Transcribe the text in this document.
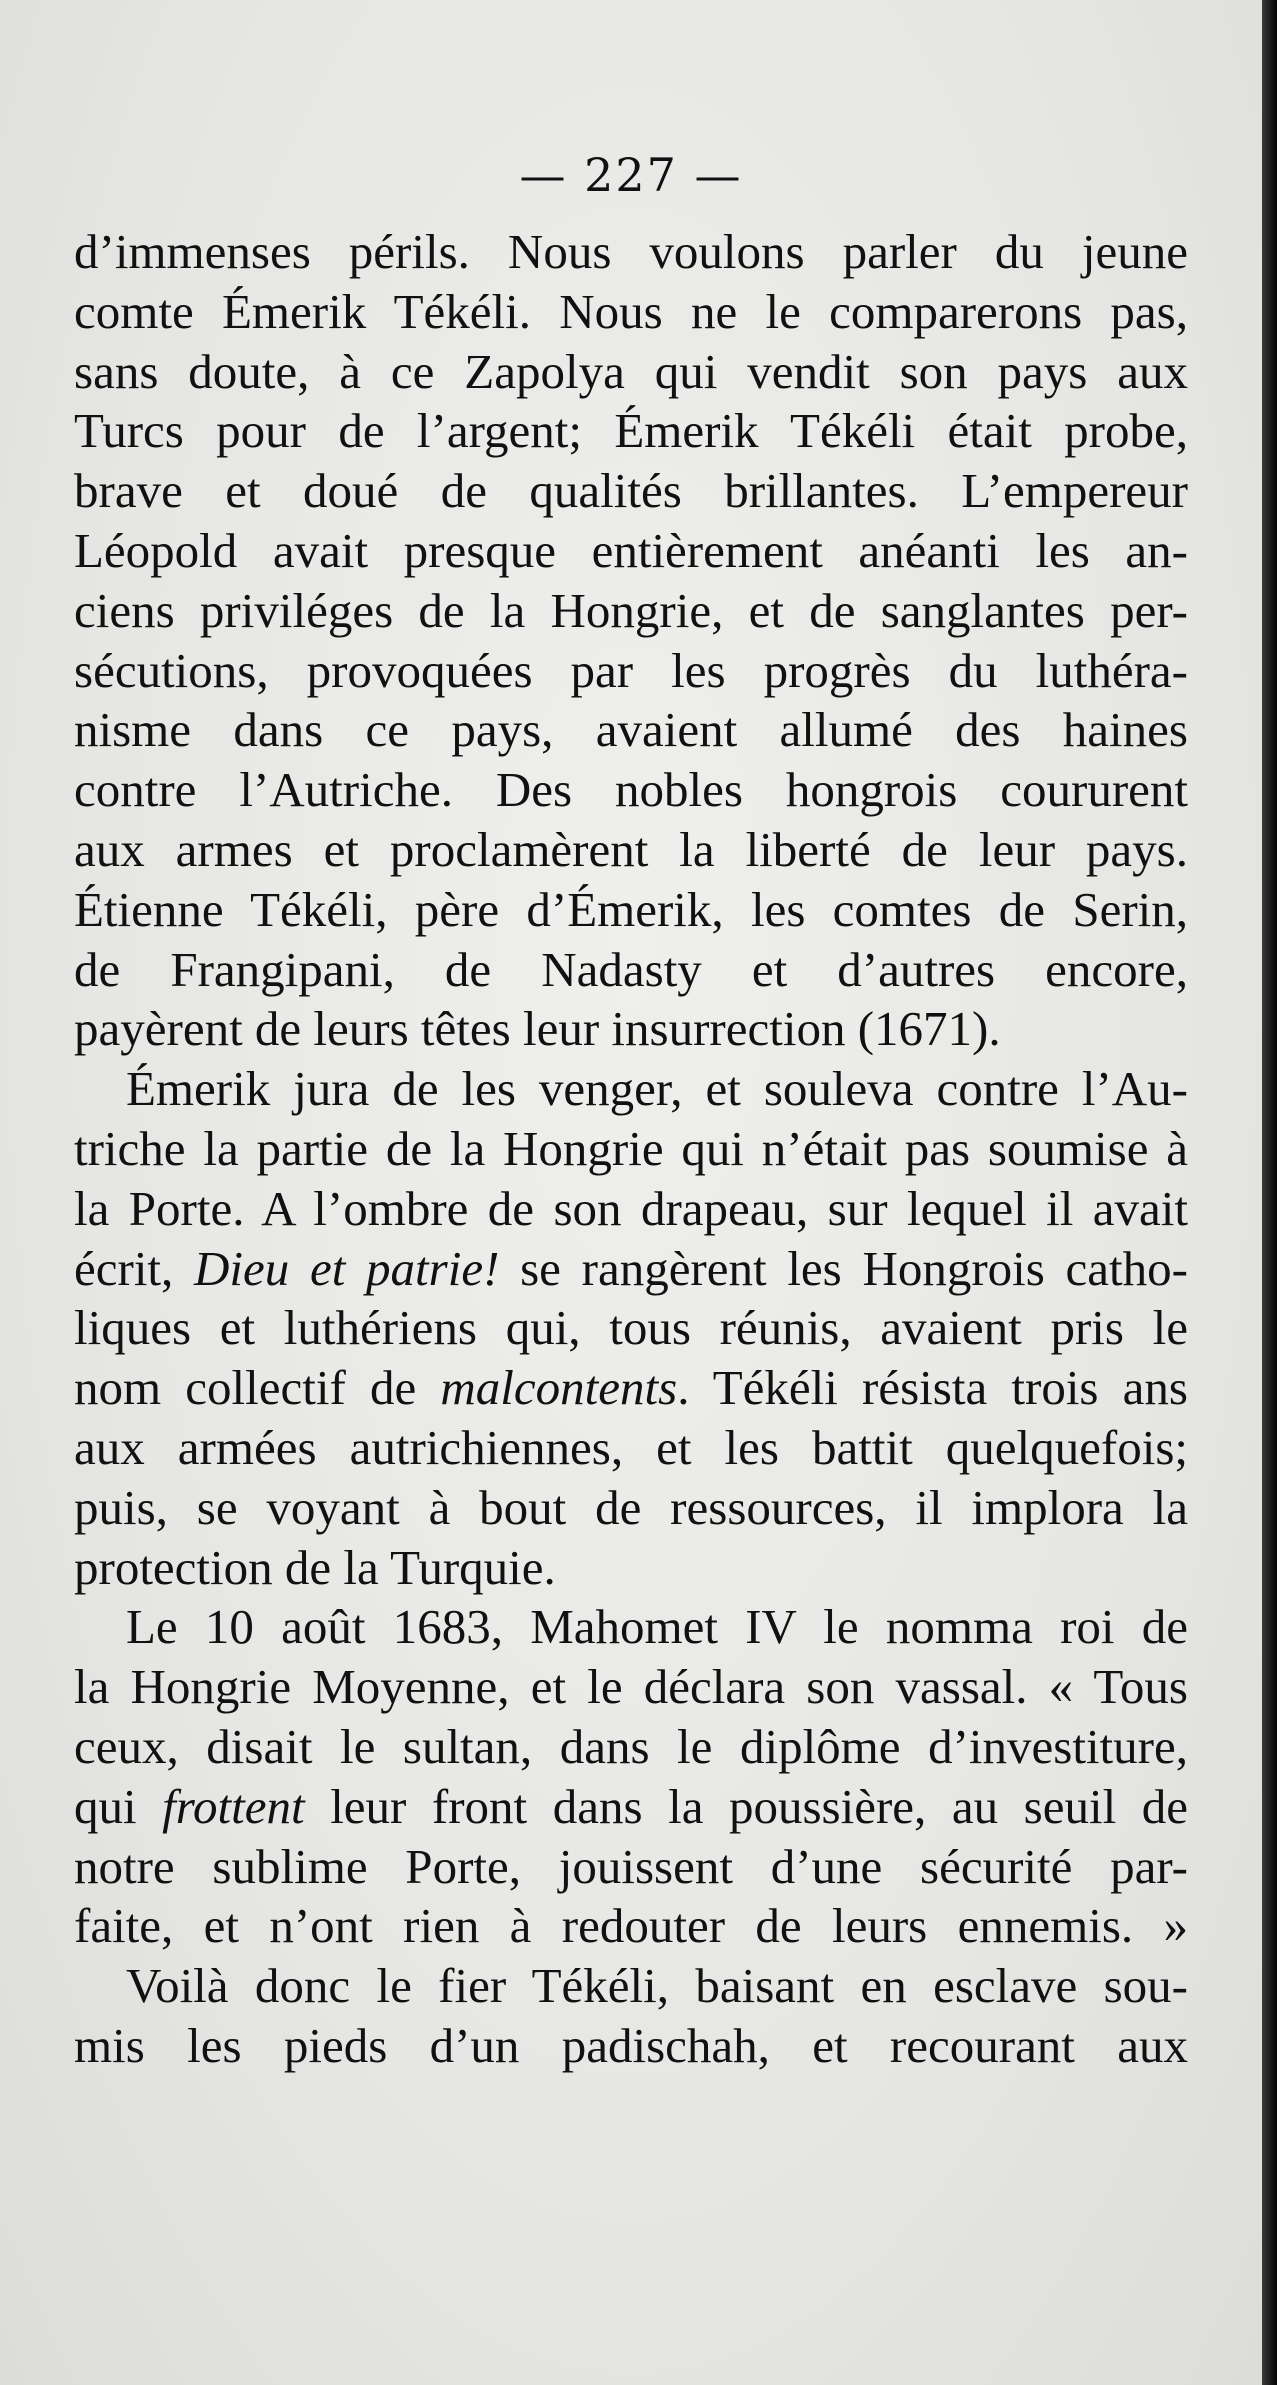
— 227 —
d’immenses périls. Nous voulons parler du jeune
comte Émerik Tékéli. Nous ne le comparerons pas,
sans doute, à ce Zapolya qui vendit son pays aux
Turcs pour de l’argent; Émerik Tékéli était probe,
brave et doué de qualités brillantes. L’empereur
Léopold avait presque entièrement anéanti les an-
ciens priviléges de la Hongrie, et de sanglantes per-
sécutions, provoquées par les progrès du luthéra-
nisme dans ce pays, avaient allumé des haines
contre l’Autriche. Des nobles hongrois coururent
aux armes et proclamèrent la liberté de leur pays.
Étienne Tékéli, père d’Émerik, les comtes de Serin,
de Frangipani, de Nadasty et d’autres encore,
payèrent de leurs têtes leur insurrection (1671).
Émerik jura de les venger, et souleva contre l’Au-
triche la partie de la Hongrie qui n’était pas soumise à
la Porte. A l’ombre de son drapeau, sur lequel il avait
écrit, Dieu et patrie! se rangèrent les Hongrois catho-
liques et luthériens qui, tous réunis, avaient pris le
nom collectif de malcontents. Tékéli résista trois ans
aux armées autrichiennes, et les battit quelquefois;
puis, se voyant à bout de ressources, il implora la
protection de la Turquie.
Le 10 août 1683, Mahomet IV le nomma roi de
la Hongrie Moyenne, et le déclara son vassal. « Tous
ceux, disait le sultan, dans le diplôme d’investiture,
qui frottent leur front dans la poussière, au seuil de
notre sublime Porte, jouissent d’une sécurité par-
faite, et n’ont rien à redouter de leurs ennemis. »
Voilà donc le fier Tékéli, baisant en esclave sou-
mis les pieds d’un padischah, et recourant aux
